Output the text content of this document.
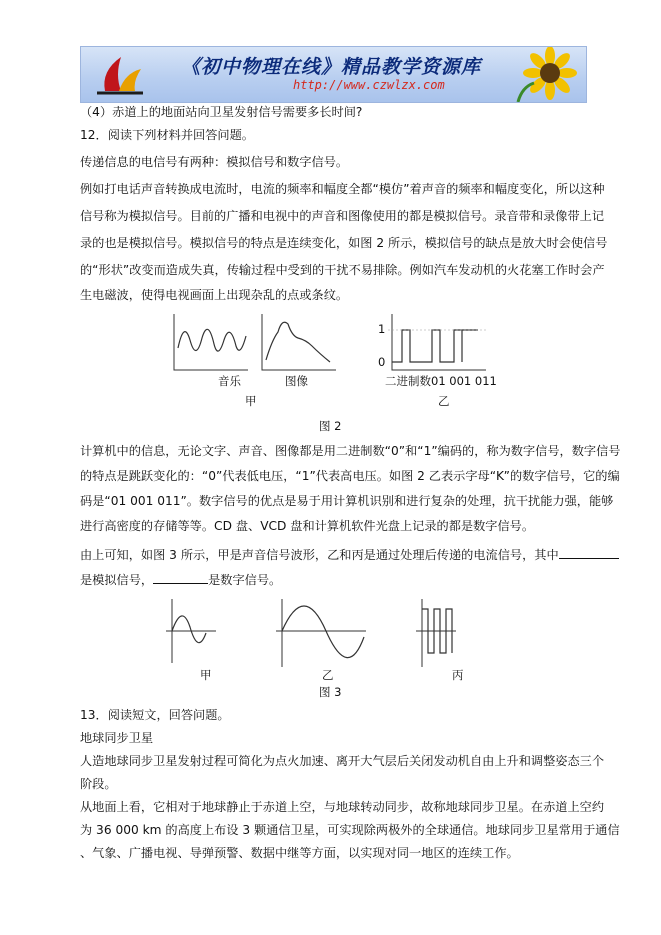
《初中物理在线》精品教学资源库
http://www.czwlzx.com
（4）赤道上的地面站向卫星发射信号需要多长时间?
12．阅读下列材料并回答问题。
传递信息的电信号有两种：模拟信号和数字信号。
例如打电话声音转换成电流时，电流的频率和幅度全都“模仿”着声音的频率和幅度变化，所以这种
信号称为模拟信号。目前的广播和电视中的声音和图像使用的都是模拟信号。录音带和录像带上记
录的也是模拟信号。模拟信号的特点是连续变化，如图 2 所示，模拟信号的缺点是放大时会使信号
的“形状”改变而造成失真，传输过程中受到的干扰不易排除。例如汽车发动机的火花塞工作时会产
生电磁波，使得电视画面上出现杂乱的点或条纹。
音乐	图像	二进制数01 001 011
1
0
甲	乙
图 2
计算机中的信息，无论文字、声音、图像都是用二进制数“0”和“1”编码的，称为数字信号，数字信号
的特点是跳跃变化的：“0”代表低电压，“1”代表高电压。如图 2 乙表示字母“K”的数字信号，它的编
码是“01 001 011”。数字信号的优点是易于用计算机识别和进行复杂的处理，抗干扰能力强，能够
进行高密度的存储等等。CD 盘、VCD 盘和计算机软件光盘上记录的都是数字信号。
由上可知，如图 3 所示，甲是声音信号波形，乙和丙是通过处理后传递的电流信号，其中
是模拟信号，	是数字信号。
甲	乙	丙
图 3
13．阅读短文，回答问题。
地球同步卫星
人造地球同步卫星发射过程可简化为点火加速、离开大气层后关闭发动机自由上升和调整姿态三个
阶段。
从地面上看，它相对于地球静止于赤道上空，与地球转动同步，故称地球同步卫星。在赤道上空约
为 36 000 km 的高度上布设 3 颗通信卫星，可实现除两极外的全球通信。地球同步卫星常用于通信
、气象、广播电视、导弹预警、数据中继等方面，以实现对同一地区的连续工作。
